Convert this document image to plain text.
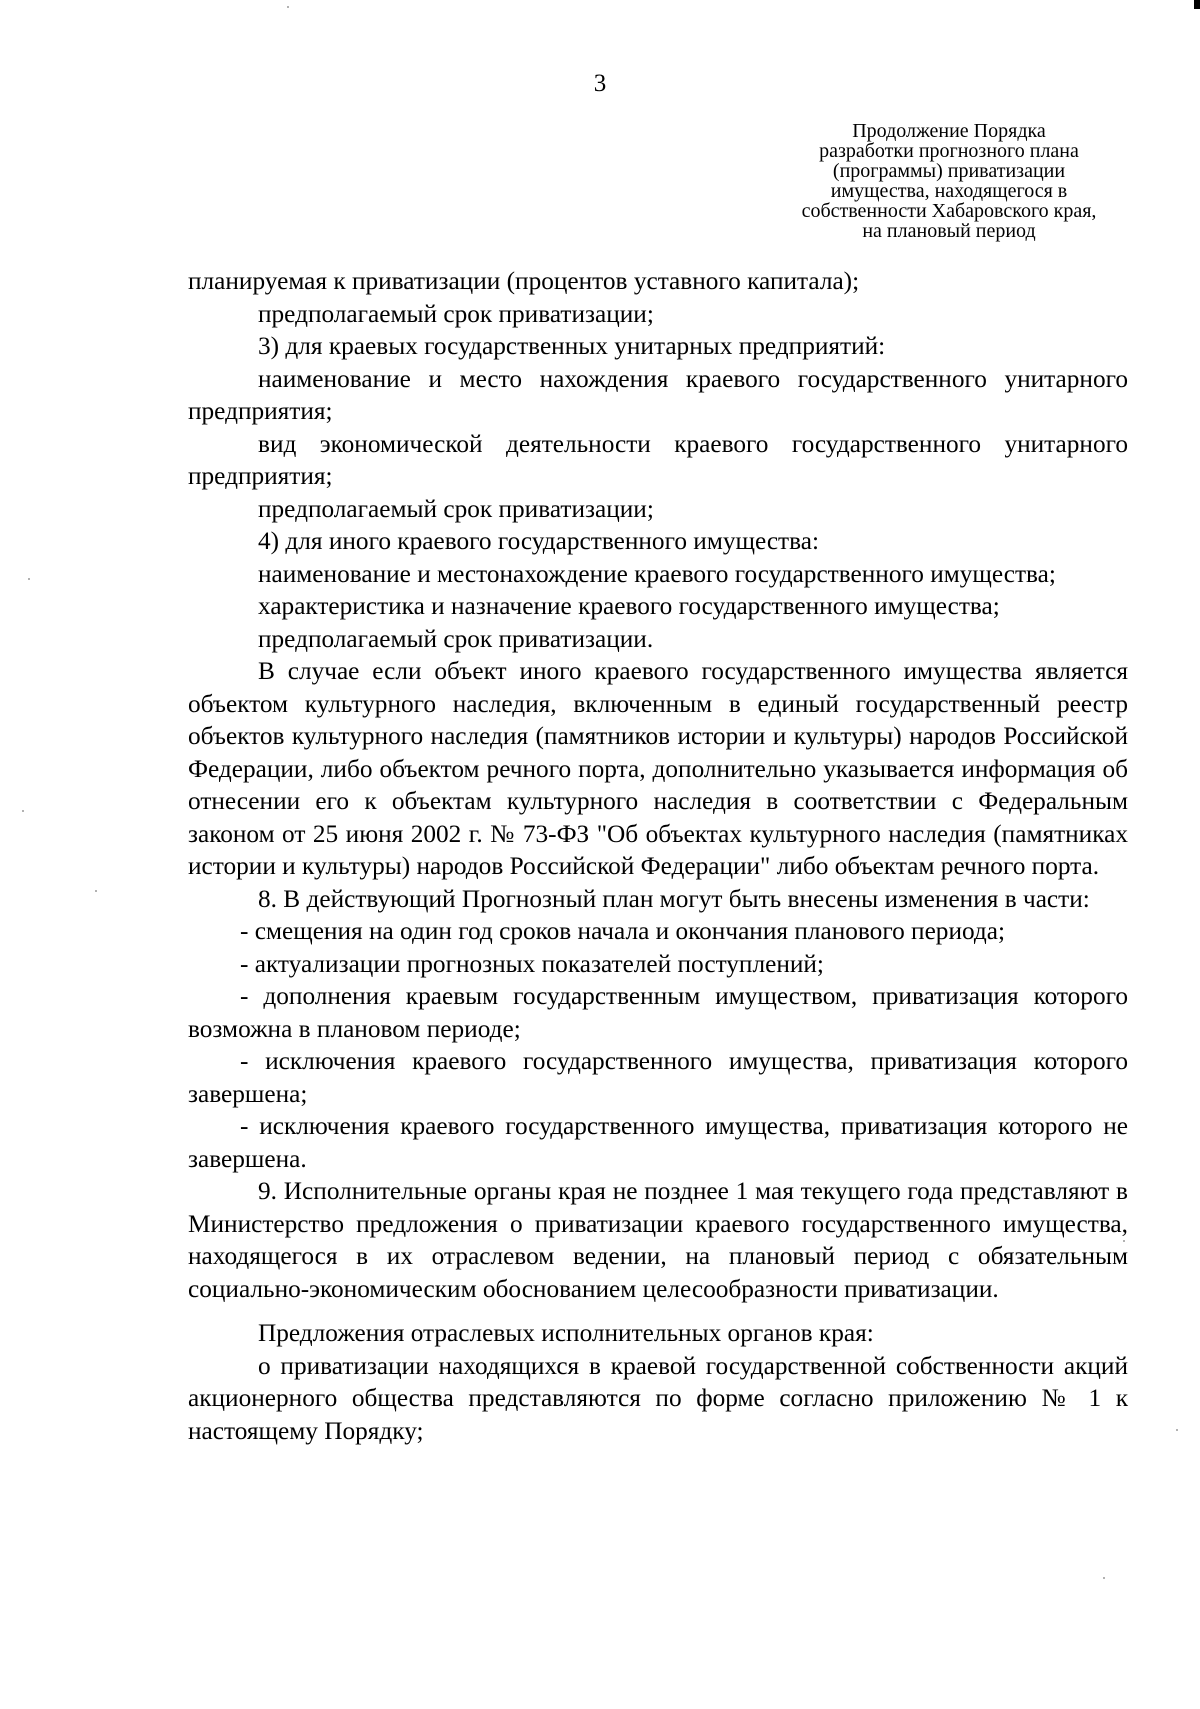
3
Продолжение Порядка
разработки прогнозного плана
(программы) приватизации
имущества, находящегося в
собственности Хабаровского края,
на плановый период

планируемая к приватизации (процентов уставного капитала);

предполагаемый срок приватизации;

3) для краевых государственных унитарных предприятий:

наименование и место нахождения краевого государственного унитарного предприятия;

вид экономической деятельности краевого государственного унитарного предприятия;

предполагаемый срок приватизации;

4) для иного краевого государственного имущества:

наименование и местонахождение краевого государственного имущества;

характеристика и назначение краевого государственного имущества;

предполагаемый срок приватизации.

В случае если объект иного краевого государственного имущества является объектом культурного наследия, включенным в единый государственный реестр объектов культурного наследия (памятников истории и культуры) народов Российской Федерации, либо объектом речного порта, дополнительно указывается информация об отнесении его к объектам культурного наследия в соответствии с Федеральным законом от 25 июня 2002 г. № 73-ФЗ "Об объектах культурного наследия (памятниках истории и культуры) народов Российской Федерации" либо объектам речного порта.

8. В действующий Прогнозный план могут быть внесены изменения в части:

- смещения на один год сроков начала и окончания планового периода;

- актуализации прогнозных показателей поступлений;

- дополнения краевым государственным имуществом, приватизация которого возможна в плановом периоде;

- исключения краевого государственного имущества, приватизация которого завершена;

- исключения краевого государственного имущества, приватизация которого не завершена.

9. Исполнительные органы края не позднее 1 мая текущего года представляют в Министерство предложения о приватизации краевого государственного имущества, находящегося в их отраслевом ведении, на плановый период с обязательным социально-экономическим обоснованием целесообразности приватизации.

Предложения отраслевых исполнительных органов края:

о приватизации находящихся в краевой государственной собственности акций акционерного общества представляются по форме согласно приложению № 1 к настоящему Порядку;
